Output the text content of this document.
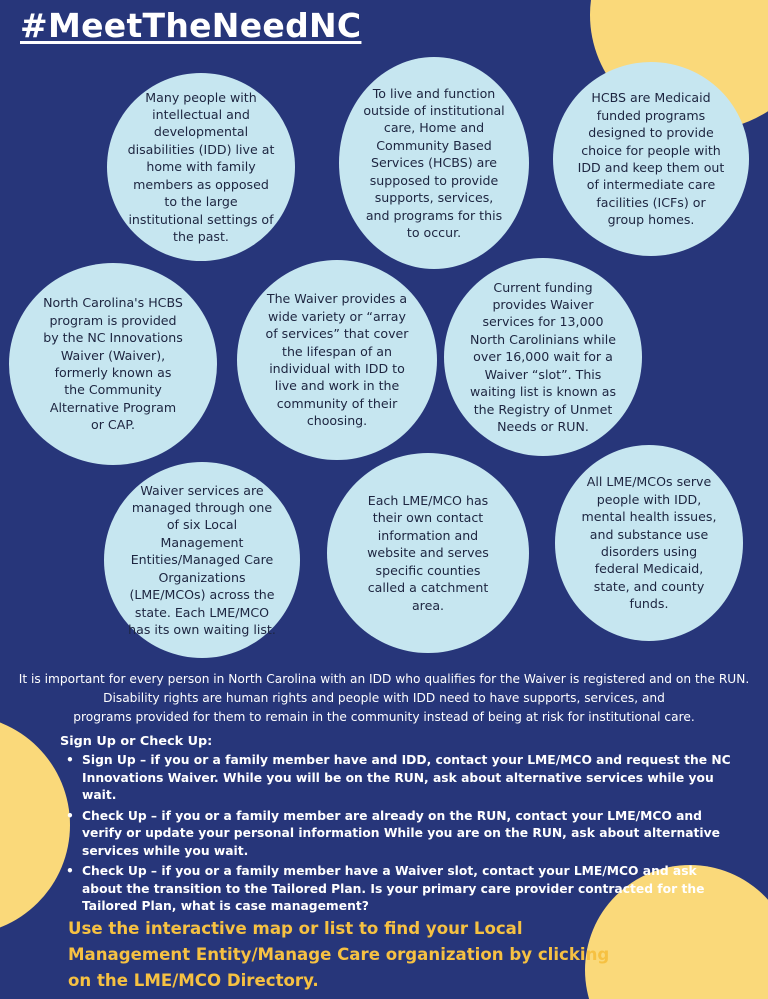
#MeetTheNeedNC

Many people with intellectual and developmental disabilities (IDD) live at home with family members as opposed to the large institutional settings of the past.

To live and function outside of institutional care, Home and Community Based Services (HCBS) are supposed to provide supports, services, and programs for this to occur.

HCBS are Medicaid funded programs designed to provide choice for people with IDD and keep them out of intermediate care facilities (ICFs) or group homes.

North Carolina's HCBS program is provided by the NC Innovations Waiver (Waiver), formerly known as the Community Alternative Program or CAP.

The Waiver provides a wide variety or “array of services” that cover the lifespan of an individual with IDD to live and work in the community of their choosing.

Current funding provides Waiver services for 13,000 North Carolinians while over 16,000 wait for a Waiver “slot”. This waiting list is known as the Registry of Unmet Needs or RUN.

Waiver services are managed through one of six Local Management Entities/Managed Care Organizations (LME/MCOs) across the state. Each LME/MCO has its own waiting list.

Each LME/MCO has their own contact information and website and serves specific counties called a catchment area.

All LME/MCOs serve people with IDD, mental health issues, and substance use disorders using federal Medicaid, state, and county funds.

It is important for every person in North Carolina with an IDD who qualifies for the Waiver is registered and on the RUN.
Disability rights are human rights and people with IDD need to have supports, services, and
programs provided for them to remain in the community instead of being at risk for institutional care.
Sign Up or Check Up:
• Sign Up – if you or a family member have and IDD, contact your LME/MCO and request the NC Innovations Waiver. While you will be on the RUN, ask about alternative services while you wait.
• Check Up – if you or a family member are already on the RUN, contact your LME/MCO and verify or update your personal information While you are on the RUN, ask about alternative services while you wait.
• Check Up – if you or a family member have a Waiver slot, contact your LME/MCO and ask about the transition to the Tailored Plan. Is your primary care provider contracted for the Tailored Plan, what is case management?
Use the interactive map or list to find your Local Management Entity/Manage Care organization by clicking on the LME/MCO Directory.
